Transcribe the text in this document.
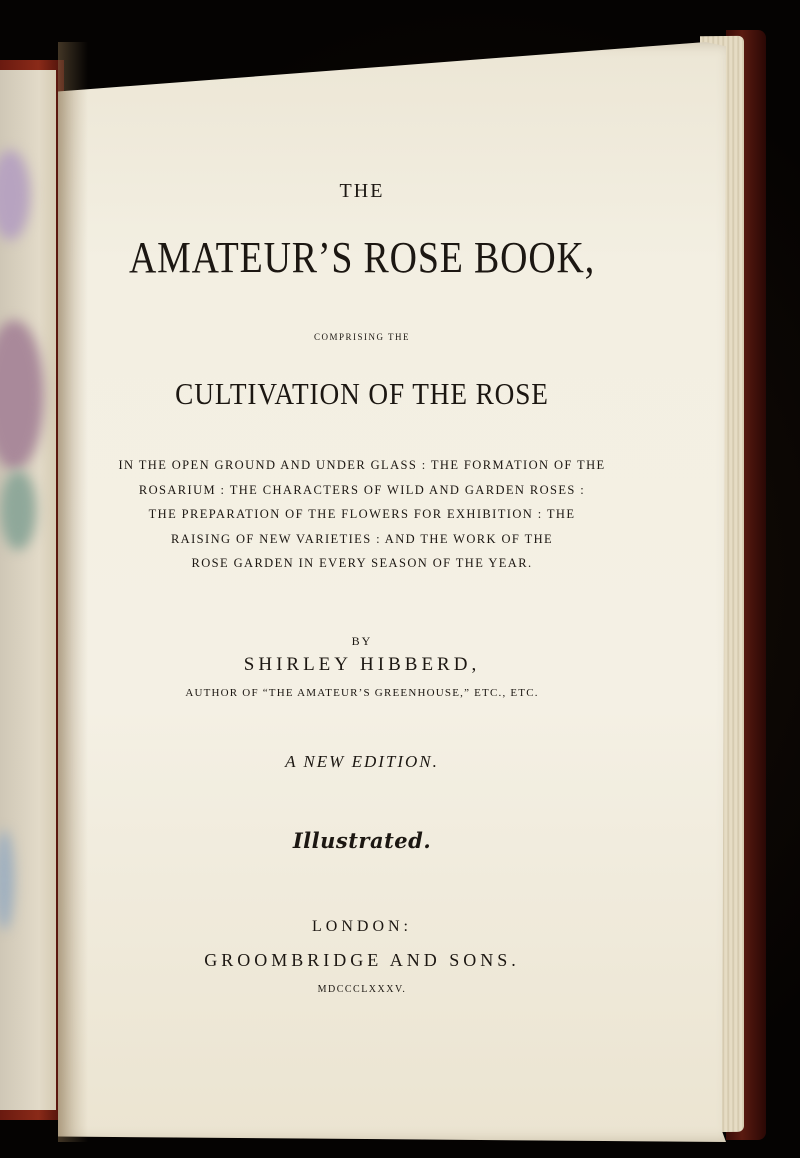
THE
AMATEUR’S ROSE BOOK,
COMPRISING THE
CULTIVATION OF THE ROSE
IN THE OPEN GROUND AND UNDER GLASS : THE FORMATION OF THE
ROSARIUM : THE CHARACTERS OF WILD AND GARDEN ROSES :
THE PREPARATION OF THE FLOWERS FOR EXHIBITION : THE
RAISING OF NEW VARIETIES : AND THE WORK OF THE
ROSE GARDEN IN EVERY SEASON OF THE YEAR.
BY
SHIRLEY HIBBERD,
AUTHOR OF “THE AMATEUR’S GREENHOUSE,” ETC., ETC.
A NEW EDITION.
Illustrated.
LONDON:
GROOMBRIDGE AND SONS.
MDCCCLXXXV.
